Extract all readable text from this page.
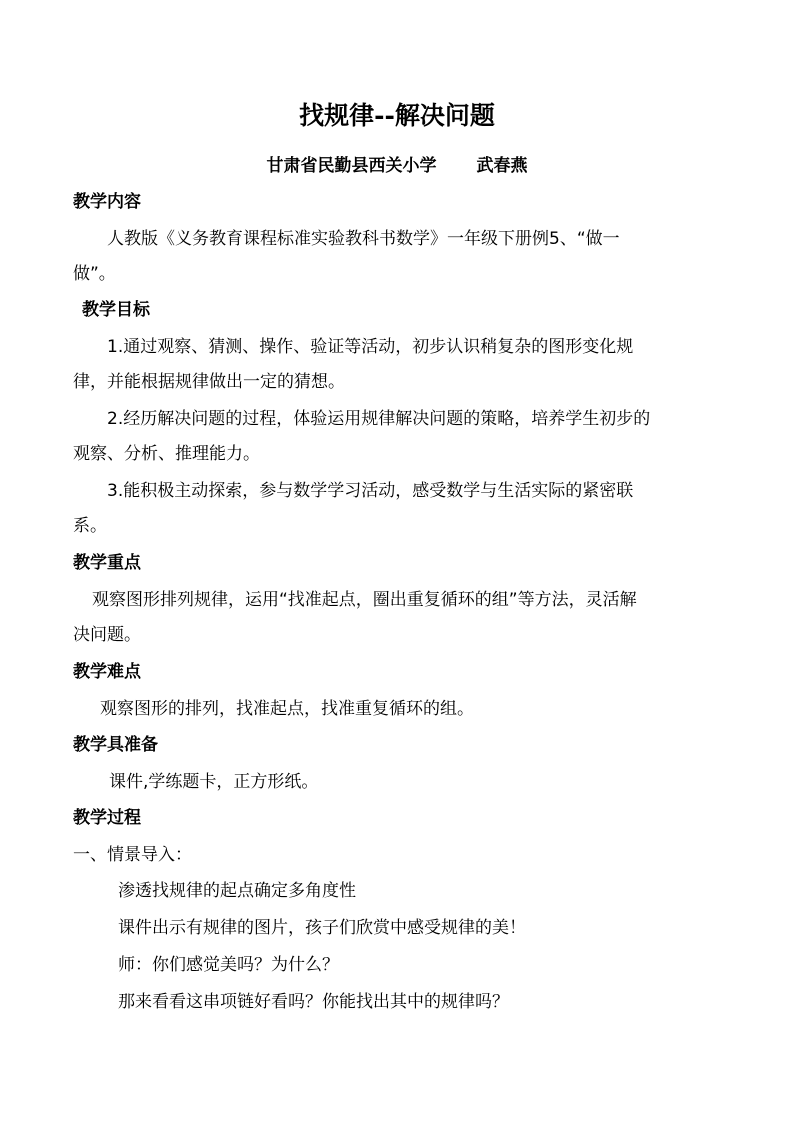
找规律--解决问题
甘肃省民勤县西关小学 武春燕
教学内容
人教版《义务教育课程标准实验教科书数学》一年级下册例5、“做一
做”。
教学目标
1.通过观察、猜测、操作、验证等活动，初步认识稍复杂的图形变化规
律，并能根据规律做出一定的猜想。
2.经历解决问题的过程，体验运用规律解决问题的策略，培养学生初步的
观察、分析、推理能力。
3.能积极主动探索，参与数学学习活动，感受数学与生活实际的紧密联
系。
教学重点
观察图形排列规律，运用“找准起点，圈出重复循环的组”等方法，灵活解
决问题。
教学难点
观察图形的排列，找准起点，找准重复循环的组。
教学具准备
课件,学练题卡，正方形纸。
教学过程
一、情景导入：
渗透找规律的起点确定多角度性
课件出示有规律的图片，孩子们欣赏中感受规律的美！
师：你们感觉美吗？为什么？
那来看看这串项链好看吗？你能找出其中的规律吗？
